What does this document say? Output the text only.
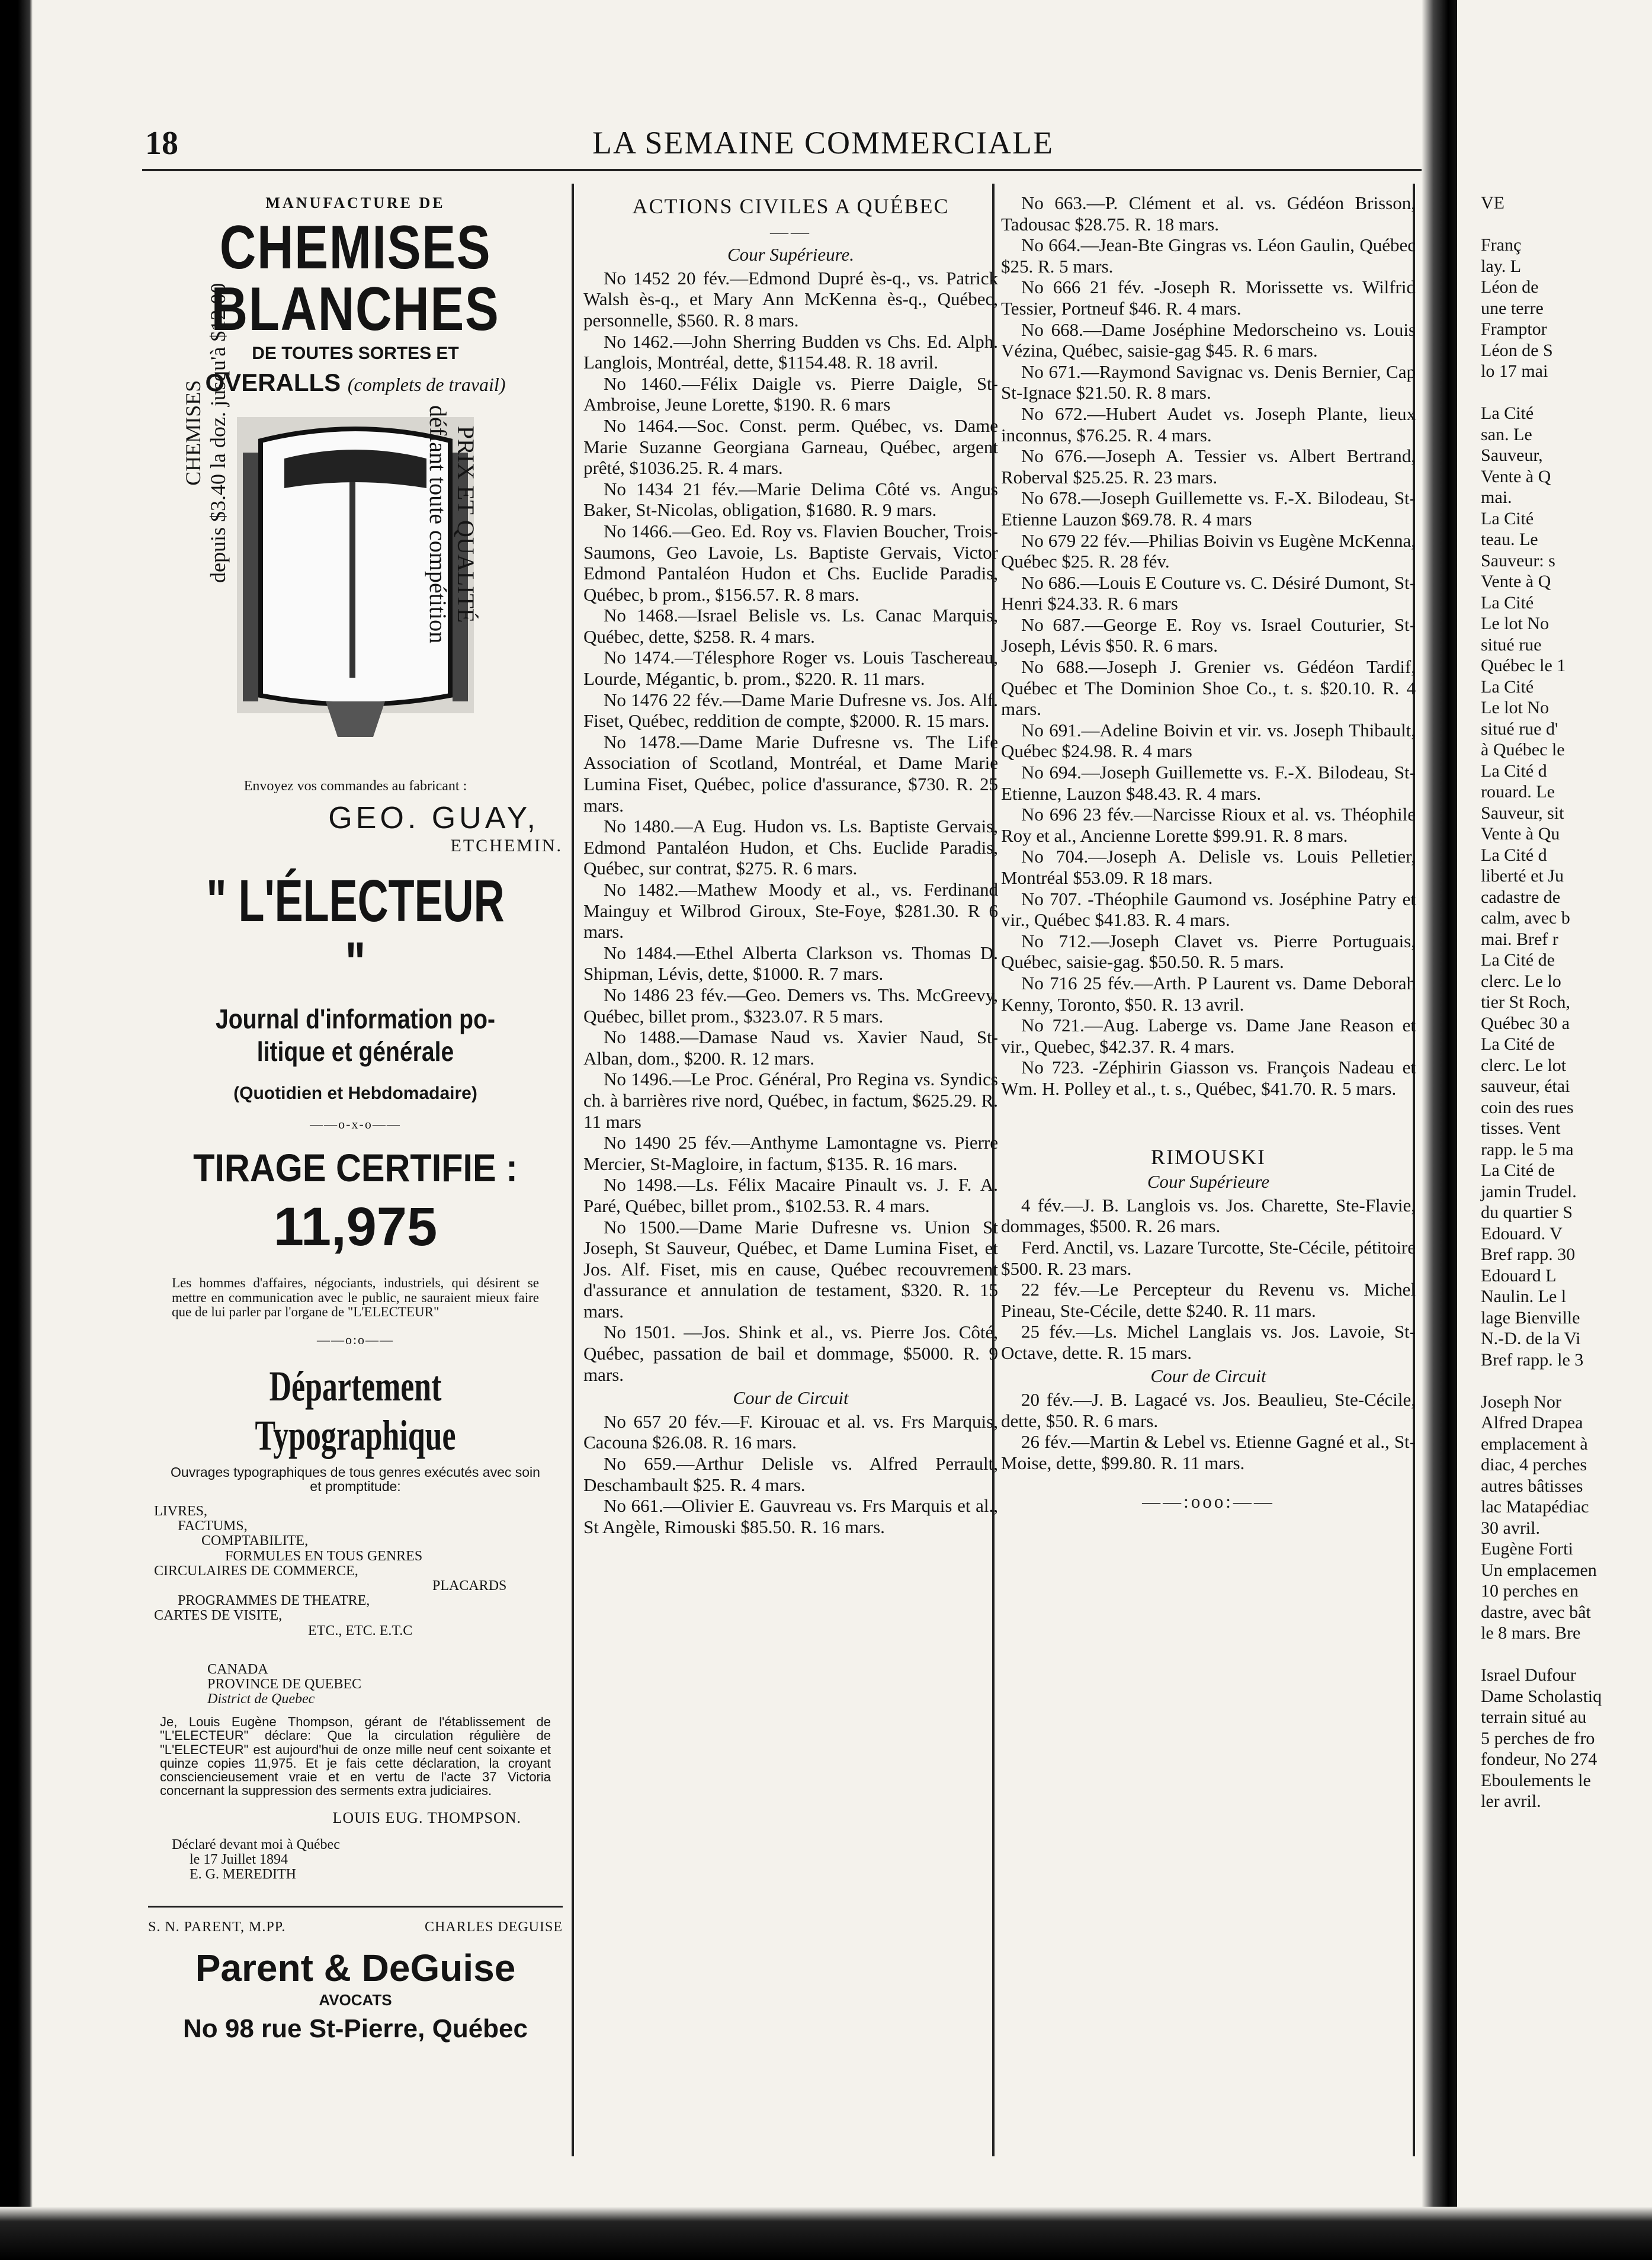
18	LA SEMAINE COMMERCIALE
MANUFACTURE DE
CHEMISES BLANCHES
DE TOUTES SORTES ET
OVERALLS (complets de travail)
CHEMISES depuis $3.40 la doz. jusqu'à $12.00	PRIX ET QUALITÉ
défiant toute compétition
Envoyez vos commandes au fabricant :
GEO. GUAY,
ETCHEMIN.
" L'ÉLECTEUR "
Journal d'information po-
litique et générale
(Quotidien et Hebdomadaire)
——o-x-o——
TIRAGE CERTIFIE :
11,975
Les hommes d'affaires, négociants, industriels, qui désirent se mettre en communication avec le public, ne sauraient mieux faire que de lui parler par l'organe de "L'ELECTEUR"
——o:o——
Département Typographique
Ouvrages typographiques de tous genres exécutés avec soin et promptitude:
LIVRES,
FACTUMS,
COMPTABILITE,
FORMULES EN TOUS GENRES
CIRCULAIRES DE COMMERCE,
PLACARDS
PROGRAMMES DE THEATRE,
CARTES DE VISITE,
ETC., ETC. E.T.C
CANADA
PROVINCE DE QUEBEC
District de Quebec
Je, Louis Eugène Thompson, gérant de l'établissement de "L'ELECTEUR" déclare: Que la circulation régulière de "L'ELECTEUR" est aujourd'hui de onze mille neuf cent soixante et quinze copies 11,975. Et je fais cette déclaration, la croyant consciencieusement vraie et en vertu de l'acte 37 Victoria concernant la suppression des serments extra judiciaires.
LOUIS EUG. THOMPSON.
Déclaré devant moi à Québec
le 17 Juillet 1894
E. G. MEREDITH
S. N. PARENT, M.PP.	CHARLES DEGUISE
Parent & DeGuise
AVOCATS
No 98 rue St-Pierre, Québec
ACTIONS CIVILES A QUÉBEC
——
Cour Supérieure.

No 1452 20 fév.—Edmond Dupré ès-q., vs. Patrick Walsh ès-q., et Mary Ann McKenna ès-q., Québec, personnelle, $560. R. 8 mars.

No 1462.—John Sherring Budden vs Chs. Ed. Alph. Langlois, Montréal, dette, $1154.48. R. 18 avril.

No 1460.—Félix Daigle vs. Pierre Daigle, St-Ambroise, Jeune Lorette, $190. R. 6 mars

No 1464.—Soc. Const. perm. Québec, vs. Dame Marie Suzanne Georgiana Garneau, Québec, argent prêté, $1036.25. R. 4 mars.

No 1434 21 fév.—Marie Delima Côté vs. Angus Baker, St-Nicolas, obligation, $1680. R. 9 mars.

No 1466.—Geo. Ed. Roy vs. Flavien Boucher, Trois-Saumons, Geo Lavoie, Ls. Baptiste Gervais, Victor Edmond Pantaléon Hudon et Chs. Euclide Paradis, Québec, b prom., $156.57. R. 8 mars.

No 1468.—Israel Belisle vs. Ls. Canac Marquis, Québec, dette, $258. R. 4 mars.

No 1474.—Télesphore Roger vs. Louis Taschereau, Lourde, Mégantic, b. prom., $220. R. 11 mars.

No 1476 22 fév.—Dame Marie Dufresne vs. Jos. Alf. Fiset, Québec, reddition de compte, $2000. R. 15 mars.

No 1478.—Dame Marie Dufresne vs. The Life Association of Scotland, Montréal, et Dame Marie Lumina Fiset, Québec, police d'assurance, $730. R. 25 mars.

No 1480.—A Eug. Hudon vs. Ls. Baptiste Gervais, Edmond Pantaléon Hudon, et Chs. Euclide Paradis, Québec, sur contrat, $275. R. 6 mars.

No 1482.—Mathew Moody et al., vs. Ferdinand Mainguy et Wilbrod Giroux, Ste-Foye, $281.30. R 6 mars.

No 1484.—Ethel Alberta Clarkson vs. Thomas D. Shipman, Lévis, dette, $1000. R. 7 mars.

No 1486 23 fév.—Geo. Demers vs. Ths. McGreevy, Québec, billet prom., $323.07. R 5 mars.

No 1488.—Damase Naud vs. Xavier Naud, St-Alban, dom., $200. R. 12 mars.

No 1496.—Le Proc. Général, Pro Regina vs. Syndics ch. à barrières rive nord, Québec, in factum, $625.29. R. 11 mars

No 1490 25 fév.—Anthyme Lamontagne vs. Pierre Mercier, St-Magloire, in factum, $135. R. 16 mars.

No 1498.—Ls. Félix Macaire Pinault vs. J. F. A. Paré, Québec, billet prom., $102.53. R. 4 mars.

No 1500.—Dame Marie Dufresne vs. Union St Joseph, St Sauveur, Québec, et Dame Lumina Fiset, et Jos. Alf. Fiset, mis en cause, Québec recouvrement d'assurance et annulation de testament, $320. R. 15 mars.

No 1501. —Jos. Shink et al., vs. Pierre Jos. Côté, Québec, passation de bail et dommage, $5000. R. 9 mars.

Cour de Circuit

No 657 20 fév.—F. Kirouac et al. vs. Frs Marquis, Cacouna $26.08. R. 16 mars.

No 659.—Arthur Delisle vs. Alfred Perrault, Deschambault $25. R. 4 mars.

No 661.—Olivier E. Gauvreau vs. Frs Marquis et al., St Angèle, Rimouski $85.50. R. 16 mars.

No 663.—P. Clément et al. vs. Gédéon Brisson, Tadousac $28.75. R. 18 mars.

No 664.—Jean-Bte Gingras vs. Léon Gaulin, Québec $25. R. 5 mars.

No 666 21 fév. -Joseph R. Morissette vs. Wilfrid Tessier, Portneuf $46. R. 4 mars.

No 668.—Dame Joséphine Medorscheino vs. Louis Vézina, Québec, saisie-gag $45. R. 6 mars.

No 671.—Raymond Savignac vs. Denis Bernier, Cap St-Ignace $21.50. R. 8 mars.

No 672.—Hubert Audet vs. Joseph Plante, lieux inconnus, $76.25. R. 4 mars.

No 676.—Joseph A. Tessier vs. Albert Bertrand, Roberval $25.25. R. 23 mars.

No 678.—Joseph Guillemette vs. F.-X. Bilodeau, St-Etienne Lauzon $69.78. R. 4 mars

No 679 22 fév.—Philias Boivin vs Eugène McKenna, Québec $25. R. 28 fév.

No 686.—Louis E Couture vs. C. Désiré Dumont, St-Henri $24.33. R. 6 mars

No 687.—George E. Roy vs. Israel Couturier, St-Joseph, Lévis $50. R. 6 mars.

No 688.—Joseph J. Grenier vs. Gédéon Tardif, Québec et The Dominion Shoe Co., t. s. $20.10. R. 4 mars.

No 691.—Adeline Boivin et vir. vs. Joseph Thibault, Québec $24.98. R. 4 mars

No 694.—Joseph Guillemette vs. F.-X. Bilodeau, St-Etienne, Lauzon $48.43. R. 4 mars.

No 696 23 fév.—Narcisse Rioux et al. vs. Théophile Roy et al., Ancienne Lorette $99.91. R. 8 mars.

No 704.—Joseph A. Delisle vs. Louis Pelletier, Montréal $53.09. R 18 mars.

No 707. -Théophile Gaumond vs. Joséphine Patry et vir., Québec $41.83. R. 4 mars.

No 712.—Joseph Clavet vs. Pierre Portuguais, Québec, saisie-gag. $50.50. R. 5 mars.

No 716 25 fév.—Arth. P Laurent vs. Dame Deborah Kenny, Toronto, $50. R. 13 avril.

No 721.—Aug. Laberge vs. Dame Jane Reason et vir., Quebec, $42.37. R. 4 mars.

No 723. -Zéphirin Giasson vs. François Nadeau et Wm. H. Polley et al., t. s., Québec, $41.70. R. 5 mars.

RIMOUSKI
Cour Supérieure

4 fév.—J. B. Langlois vs. Jos. Charette, Ste-Flavie, dommages, $500. R. 26 mars.

Ferd. Anctil, vs. Lazare Turcotte, Ste-Cécile, pétitoire $500. R. 23 mars.

22 fév.—Le Percepteur du Revenu vs. Michel Pineau, Ste-Cécile, dette $240. R. 11 mars.

25 fév.—Ls. Michel Langlais vs. Jos. Lavoie, St-Octave, dette. R. 15 mars.

Cour de Circuit

20 fév.—J. B. Lagacé vs. Jos. Beaulieu, Ste-Cécile, dette, $50. R. 6 mars.

26 fév.—Martin & Lebel vs. Etienne Gagné et al., St-Moise, dette, $99.80. R. 11 mars.

——:ooo:——
VE

Franç
lay. L
Léon de
une terre
Framptor
Léon de S
lo 17 mai

La Cité
san. Le
Sauveur,
Vente à Q
mai.
La Cité
teau. Le
Sauveur: s
Vente à Q
La Cité
Le lot No
situé rue
Québec le 1
La Cité
Le lot No
situé rue d'
à Québec le
La Cité d
rouard. Le
Sauveur, sit
Vente à Qu
La Cité d
liberté et Ju
cadastre de
calm, avec b
mai. Bref r
La Cité de
clerc. Le lo
tier St Roch,
Québec 30 a
La Cité de
clerc. Le lot
sauveur, étai
coin des rues
tisses. Vent
rapp. le 5 ma
La Cité de
jamin Trudel.
du quartier S
Edouard. V
Bref rapp. 30
Edouard L
Naulin. Le l
lage Bienville
N.-D. de la Vi
Bref rapp. le 3

Joseph Nor
Alfred Drapea
emplacement à
diac, 4 perches
autres bâtisses
lac Matapédiac
30 avril.
Eugène Forti
Un emplacemen
10 perches en
dastre, avec bât
le 8 mars. Bre

Israel Dufour
Dame Scholastiq
terrain situé au
5 perches de fro
fondeur, No 274
Eboulements le
ler avril.
